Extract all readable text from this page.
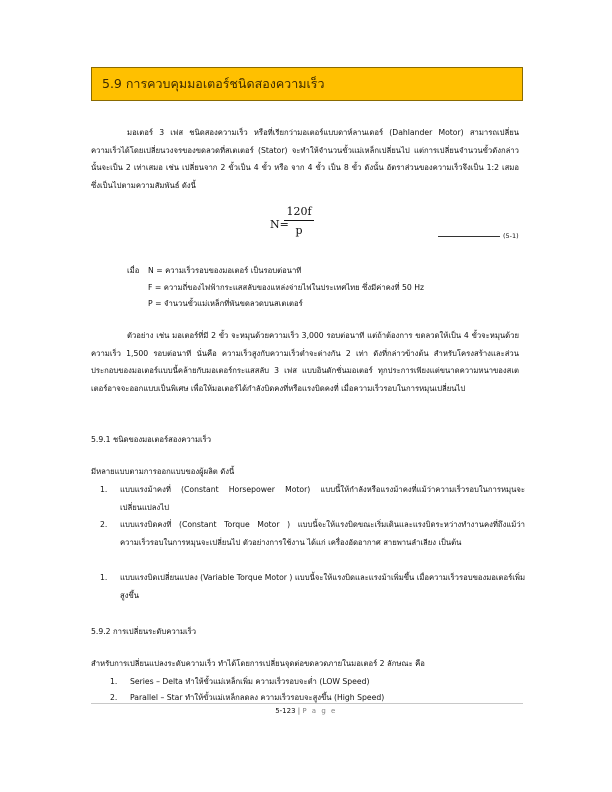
5.9 การควบคุมมอเตอร์ชนิดสองความเร็ว

มอเตอร์ 3 เฟส ชนิดสองความเร็ว หรือที่เรียกว่ามอเตอร์แบบดาห์ลานเดอร์ (Dahlander Motor) สามารถเปลี่ยนความเร็วได้โดยเปลี่ยนวงจรของขดลวดที่สเตเตอร์ (Stator) จะทำให้จำนวนขั้วแม่เหล็กเปลี่ยนไป แต่การเปลี่ยนจำนวนขั้วดังกล่าวนั้นจะเป็น 2 เท่าเสมอ เช่น เปลี่ยนจาก 2 ขั้วเป็น 4 ขั้ว หรือ จาก 4 ขั้ว เป็น 8 ขั้ว ดังนั้น อัตราส่วนของความเร็วจึงเป็น 1:2 เสมอ ซึ่งเป็นไปตามความสัมพันธ์ ดังนี้

N=
$\frac{120f}{p}$	(5-1)
เมื่อ N = ความเร็วรอบของมอเตอร์ เป็นรอบต่อนาที
F = ความถี่ของไฟฟ้ากระแสสลับของแหล่งจ่ายไฟในประเทศไทย ซึ่งมีค่าคงที่ 50 Hz
P = จำนวนขั้วแม่เหล็กที่พันขดลวดบนสเตเตอร์

ตัวอย่าง เช่น มอเตอร์ที่มี 2 ขั้ว จะหมุนด้วยความเร็ว 3,000 รอบต่อนาที แต่ถ้าต้องการ ขดลวดให้เป็น 4 ขั้วจะหมุนด้วยความเร็ว 1,500 รอบต่อนาที นั่นคือ ความเร็วสูงกับความเร็วต่ำจะต่างกัน 2 เท่า ดังที่กล่าวข้างต้น สำหรับโครงสร้างและส่วนประกอบของมอเตอร์แบบนี้คล้ายกับมอเตอร์กระแสสลับ 3 เฟส แบบอินดักชั่นมอเตอร์ ทุกประการเพียงแต่ขนาดความหนาของสเตเตอร์อาจจะออกแบบเป็นพิเศษ เพื่อให้มอเตอร์ได้กำลังบิดคงที่หรือแรงบิดคงที่ เมื่อความเร็วรอบในการหมุนเปลี่ยนไป

5.9.1 ชนิดของมอเตอร์สองความเร็ว
มีหลายแบบตามการออกแบบของผู้ผลิต ดังนี้
1. แบบแรงม้าคงที่ (Constant Horsepower Motor) แบบนี้ให้กำลังหรือแรงม้าคงที่แม้ว่าความเร็วรอบในการหมุนจะเปลี่ยนแปลงไป
2. แบบแรงบิดคงที่ (Constant Torque Motor ) แบบนี้จะให้แรงบิดขณะเริ่มเดินและแรงบิดระหว่างทำงานคงที่ถึงแม้ว่า ความเร็วรอบในการหมุนจะเปลี่ยนไป ตัวอย่างการใช้งาน ได้แก่ เครื่องอัดอากาศ สายพานลำเลียง เป็นต้น
1. แบบแรงบิดเปลี่ยนแปลง (Variable Torque Motor ) แบบนี้จะให้แรงบิดและแรงม้าเพิ่มขึ้น เมื่อความเร็วรอบของมอเตอร์เพิ่มสูงขึ้น
5.9.2 การเปลี่ยนระดับความเร็ว
สำหรับการเปลี่ยนแปลงระดับความเร็ว ทำได้โดยการเปลี่ยนจุดต่อขดลวดภายในมอเตอร์ 2 ลักษณะ คือ
1. Series – Delta ทำให้ขั้วแม่เหล็กเพิ่ม ความเร็วรอบจะต่ำ (LOW Speed)
2. Parallel – Star ทำให้ขั้วแม่เหล็กลดลง ความเร็วรอบจะสูงขึ้น (High Speed)
5-123 | P a g e
